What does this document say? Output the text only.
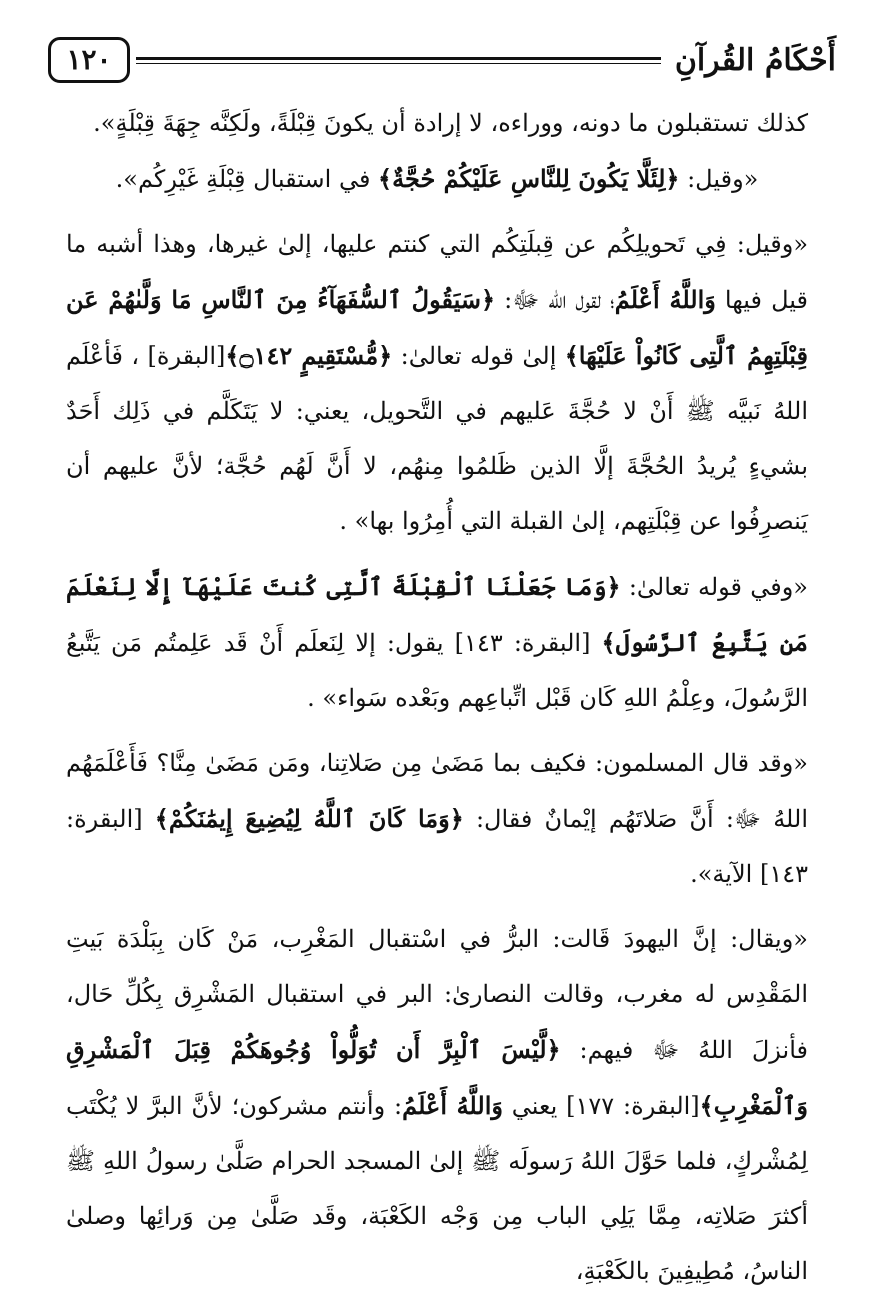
أَحْكَامُ القُرآنِ
١٢٠

كذلك تستقبلون ما دونه، ووراءه، لا إرادة أن يكونَ قِبْلَةً، ولَكِنَّه جِهَةَ قِبْلَةٍ».

«وقيل: ﴿لِئَلَّا يَكُونَ لِلنَّاسِ عَلَيْكُمْ حُجَّةٌ﴾ في استقبال قِبْلَةِ غَيْرِكُم».

«وقيل: فِي تَحويلِكُم عن قِبلَتِكُم التي كنتم عليها، إلىٰ غيرها، وهذا أشبه ما قيل فيها وَاللَّهُ أَعْلَمُ؛ لقول الله ﷻ: ﴿سَيَقُولُ ٱلسُّفَهَآءُ مِنَ ٱلنَّاسِ مَا وَلَّىٰهُمْ عَن قِبْلَتِهِمُ ٱلَّتِى كَانُواْ عَلَيْهَا﴾ إلىٰ قوله تعالىٰ: ﴿مُّسْتَقِيمٍ ۝١٤٢﴾[البقرة] ، فَأعْلَم اللهُ نَبيَّه ﷺ أَنْ لا حُجَّةَ عَليهم في التَّحويل، يعني: لا يَتَكَلَّم في ذَلِك أَحَدٌ بشيءٍ يُريدُ الحُجَّةَ إلَّا الذين ظَلمُوا مِنهُم، لا أَنَّ لَهُم حُجَّة؛ لأنَّ عليهم أن يَنصرِفُوا عن قِبْلَتِهم، إلىٰ القبلة التي أُمِرُوا بها» .

«وفي قوله تعالىٰ: ﴿وَمَا جَعَلْنَا ٱلْقِبْلَةَ ٱلَّتِى كُنتَ عَلَيْهَآ إِلَّا لِنَعْلَمَ مَن يَتَّبِعُ ٱلرَّسُولَ﴾ [البقرة: ١٤٣] يقول: إلا لِنَعلَم أَنْ قَد عَلِمتُم مَن يَتَّبعُ الرَّسُولَ، وعِلْمُ اللهِ كَان قَبْل اتِّباعِهم وبَعْده سَواء» .

«وقد قال المسلمون: فكيف بما مَضَىٰ مِن صَلاتِنا، ومَن مَضَىٰ مِنَّا؟ فَأَعْلَمَهُم اللهُ ﷻ: أَنَّ صَلاتَهُم إيْمانٌ فقال: ﴿وَمَا كَانَ ٱللَّهُ لِيُضِيعَ إِيمَٰنَكُمْ﴾ [البقرة: ١٤٣] الآية».

«ويقال: إنَّ اليهودَ قَالت: البرُّ في اسْتقبال المَغْرِب، مَنْ كَان بِبَلْدَة بَيتِ المَقْدِس له مغرب، وقالت النصارىٰ: البر في استقبال المَشْرِق بِكُلِّ حَال، فأنزلَ اللهُ ﷻ فيهم: ﴿لَّيْسَ ٱلْبِرَّ أَن تُوَلُّواْ وُجُوهَكُمْ قِبَلَ ٱلْمَشْرِقِ وَٱلْمَغْرِبِ﴾[البقرة: ١٧٧] يعني وَاللَّهُ أَعْلَمُ: وأنتم مشركون؛ لأنَّ البرَّ لا يُكْتَب لِمُشْركٍ، فلما حَوَّلَ اللهُ رَسولَه ﷺ إلىٰ المسجد الحرام صَلَّىٰ رسولُ اللهِ ﷺ أكثرَ صَلاتِه، مِمَّا يَلِي الباب مِن وَجْه الكَعْبَة، وقَد صَلَّىٰ مِن وَرائِها وصلىٰ الناسُ، مُطِيفِينَ بالكَعْبَةِ،
